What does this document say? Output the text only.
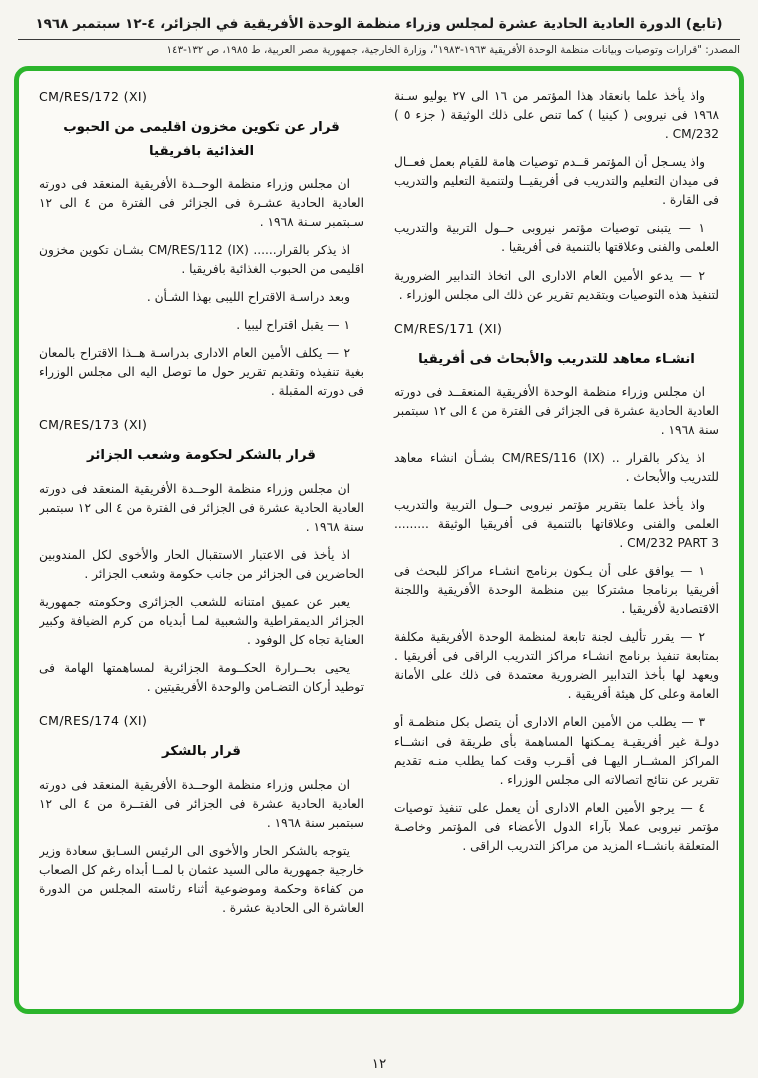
(تابع) الدورة العادية الحادية عشرة لمجلس وزراء منظمة الوحدة الأفريقية في الجزائر، ٤-١٢ سبتمبر ١٩٦٨
المصدر: "قرارات وتوصيات وبيانات منظمة الوحدة الأفريقية ١٩٦٣-١٩٨٣"، وزارة الخارجية، جمهورية مصر العربية، ط ١٩٨٥، ص ١٣٢-١٤٣

واذ يأخذ علما بانعقاد هذا المؤتمر من ١٦ الى ٢٧ يوليو سـنة ١٩٦٨ فى نيروبى ( كينيا ) كما تنص على ذلك الوثيقة ( جزء ٥ ) CM/232 .

واذ يسـجل أن المؤتمر قــدم توصيات هامة للقيام بعمل فعــال فى ميدان التعليم والتدريب فى أفريقيــا ولتنمية التعليم والتدريب فى القارة .

١ — يتبنى توصيات مؤتمر نيروبى حــول التربية والتدريب العلمى والفنى وعلاقتها بالتنمية فى أفريقيا .

٢ — يدعو الأمين العام الادارى الى اتخاذ التدابير الضرورية لتنفيذ هذه التوصيات وبتقديم تقرير عن ذلك الى مجلس الوزراء .

CM/RES/171 (XI)
انشـاء معاهد للتدريب والأبحاث فى أفريقيا

ان مجلس وزراء منظمة الوحدة الأفريقية المنعقــد فى دورته العادية الحادية عشرة فى الجزائر فى الفترة من ٤ الى ١٢ سبتمبر سنة ١٩٦٨ .

اذ يذكر بالقرار .. CM/RES/116 (IX) بشـأن انشاء معاهد للتدريب والأبحاث .

واذ يأخذ علما بتقرير مؤتمر نيروبى حــول التربية والتدريب العلمى والفنى وعلاقاتها بالتنمية فى أفريقيا الوثيقة ......... CM/232 PART 3 .

١ — يوافق على أن يـكون برنامج انشـاء مراكز للبحث فى أفريقيا برنامجا مشتركا بين منظمة الوحدة الأفريقية واللجنة الاقتصادية لأفريقيا .

٢ — يقرر تأليف لجنة تابعة لمنظمة الوحدة الأفريقية مكلفة بمتابعة تنفيذ برنامج انشـاء مراكز التدريب الراقى فى أفريقيا . ويعهد لها بأخذ التدابير الضرورية معتمدة فى ذلك على الأمانة العامة وعلى كل هيئة أفريقية .

٣ — يطلب من الأمين العام الادارى أن يتصل بكل منظمـة أو دولـة غير أفريقيـة يمـكنها المساهمة بأى طريقة فى انشــاء المراكز المشــار اليهـا فى أقـرب وقت كما يطلب منـه تقديم تقرير عن نتائج اتصالاته الى مجلس الوزراء .

٤ — يرجو الأمين العام الادارى أن يعمل على تنفيذ توصيات مؤتمر نيروبى عملا بآراء الدول الأعضاء فى المؤتمر وخاصـة المتعلقة بانشــاء المزيد من مراكز التدريب الراقى .

CM/RES/172 (XI)
قرار عن تكوين مخزون اقليمى من الحبوب الغذائية بافريقيا

ان مجلس وزراء منظمة الوحــدة الأفريقية المنعقد فى دورته العادية الحادية عشـرة فى الجزائر فى الفترة من ٤ الى ١٢ سـبتمبر سـنة ١٩٦٨ .

اذ يذكر بالقرار...... CM/RES/112 (IX) بشـان تكوين مخزون اقليمى من الحبوب الغذائية بافريقيا .

وبعد دراسـة الاقتراح الليبى بهذا الشـأن .

١ — يقبل اقتراح ليبيا .

٢ — يكلف الأمين العام الادارى بدراسـة هــذا الاقتراح بالمعان بغية تنفيذه وتقديم تقرير حول ما توصل اليه الى مجلس الوزراء فى دورته المقبلة .

CM/RES/173 (XI)
قرار بالشكر لحكومة وشعب الجزائر

ان مجلس وزراء منظمة الوحــدة الأفريقية المنعقد فى دورته العادية الحادية عشرة فى الجزائر فى الفترة من ٤ الى ١٢ سبتمبر سنة ١٩٦٨ .

اذ يأخذ فى الاعتبار الاستقبال الحار والأخوى لكل المندوبين الحاضرين فى الجزائر من جانب حكومة وشعب الجزائر .

يعبر عن عميق امتنانه للشعب الجزائرى وحكومته جمهورية الجزائر الديمقراطية والشعبية لمـا أبدياه من كرم الضيافة وكبير العناية تجاه كل الوفود .

يحيى بحــرارة الحكــومة الجزائرية لمساهمتها الهامة فى توطيد أركان التضـامن والوحدة الأفريقيتين .

CM/RES/174 (XI)
قرار بالشكر

ان مجلس وزراء منظمة الوحــدة الأفريقية المنعقد فى دورته العادية الحادية عشرة فى الجزائر فى الفتــرة من ٤ الى ١٢ سبتمبر سنة ١٩٦٨ .

يتوجه بالشكر الحار والأخوى الى الرئيس السـابق سعادة وزير خارجية جمهورية مالى السيد عثمان با لمــا أبداه رغم كل الصعاب من كفاءة وحكمة وموضوعية أثناء رئاسته المجلس من الدورة العاشرة الى الحادية عشرة .

١٢
